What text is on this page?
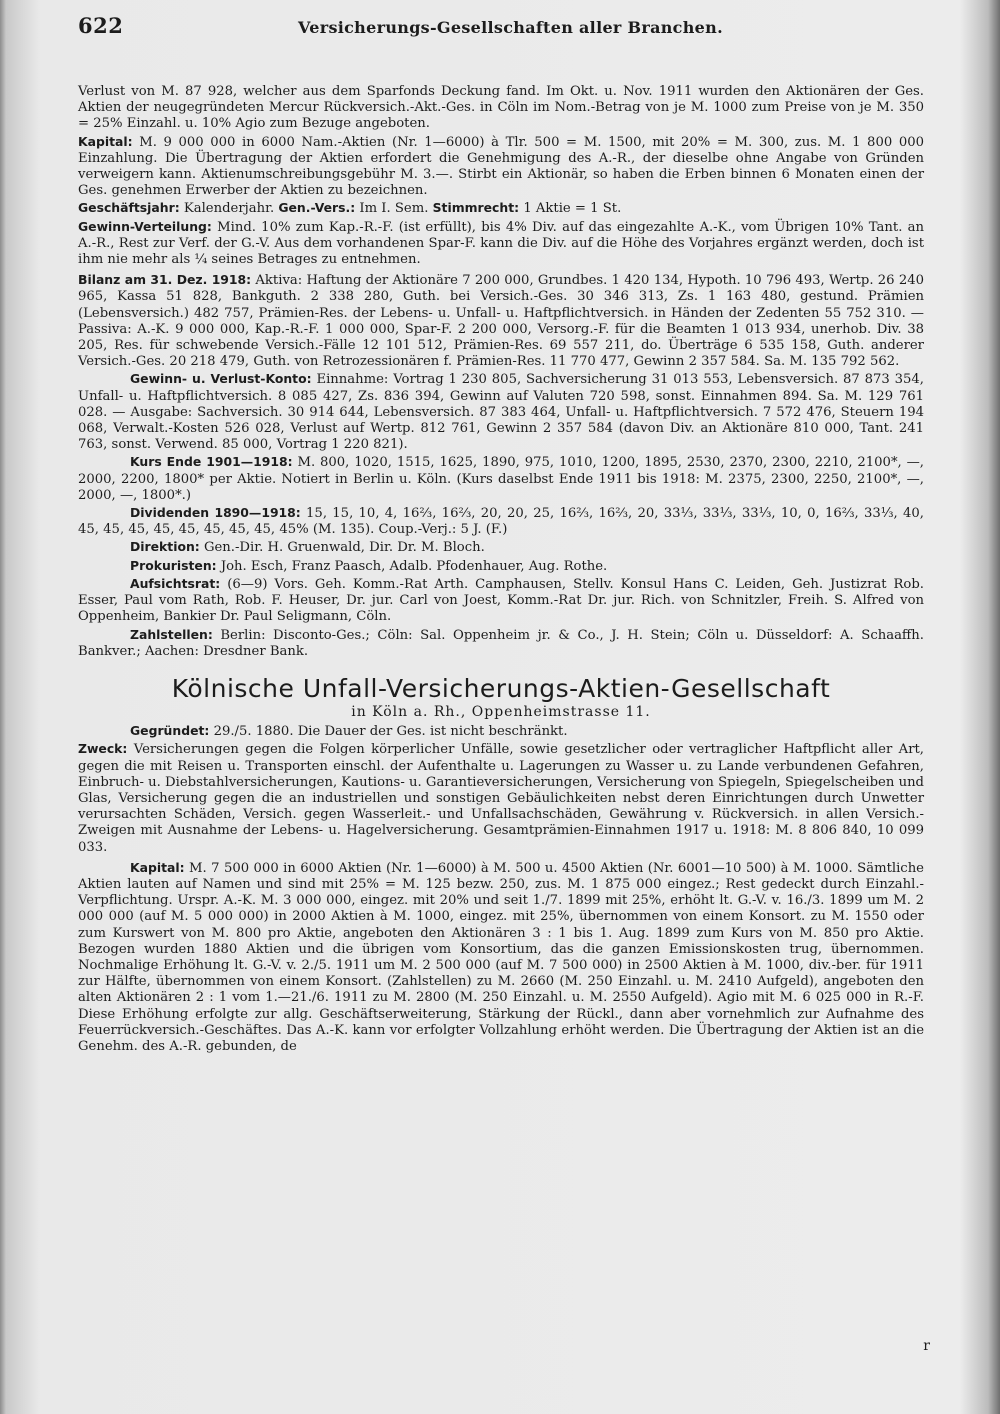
622	Versicherungs-Gesellschaften aller Branchen.

Verlust von M. 87 928, welcher aus dem Sparfonds Deckung fand. Im Okt. u. Nov. 1911 wurden den Aktionären der Ges. Aktien der neugegründeten Mercur Rückversich.-Akt.-Ges. in Cöln im Nom.-Betrag von je M. 1000 zum Preise von je M. 350 = 25% Einzahl. u. 10% Agio zum Bezuge angeboten.

Kapital: M. 9 000 000 in 6000 Nam.-Aktien (Nr. 1—6000) à Tlr. 500 = M. 1500, mit 20% = M. 300, zus. M. 1 800 000 Einzahlung. Die Übertragung der Aktien erfordert die Genehmigung des A.-R., der dieselbe ohne Angabe von Gründen verweigern kann. Aktienumschreibungsgebühr M. 3.—. Stirbt ein Aktionär, so haben die Erben binnen 6 Monaten einen der Ges. genehmen Erwerber der Aktien zu bezeichnen.

Geschäftsjahr: Kalenderjahr. Gen.-Vers.: Im I. Sem. Stimmrecht: 1 Aktie = 1 St.

Gewinn-Verteilung: Mind. 10% zum Kap.-R.-F. (ist erfüllt), bis 4% Div. auf das eingezahlte A.-K., vom Übrigen 10% Tant. an A.-R., Rest zur Verf. der G.-V. Aus dem vorhandenen Spar-F. kann die Div. auf die Höhe des Vorjahres ergänzt werden, doch ist ihm nie mehr als ¼ seines Betrages zu entnehmen.

Bilanz am 31. Dez. 1918: Aktiva: Haftung der Aktionäre 7 200 000, Grundbes. 1 420 134, Hypoth. 10 796 493, Wertp. 26 240 965, Kassa 51 828, Bankguth. 2 338 280, Guth. bei Versich.-Ges. 30 346 313, Zs. 1 163 480, gestund. Prämien (Lebensversich.) 482 757, Prämien-Res. der Lebens- u. Unfall- u. Haftpflichtversich. in Händen der Zedenten 55 752 310. — Passiva: A.-K. 9 000 000, Kap.-R.-F. 1 000 000, Spar-F. 2 200 000, Versorg.-F. für die Beamten 1 013 934, unerhob. Div. 38 205, Res. für schwebende Versich.-Fälle 12 101 512, Prämien-Res. 69 557 211, do. Überträge 6 535 158, Guth. anderer Versich.-Ges. 20 218 479, Guth. von Retrozessionären f. Prämien-Res. 11 770 477, Gewinn 2 357 584. Sa. M. 135 792 562.

Gewinn- u. Verlust-Konto: Einnahme: Vortrag 1 230 805, Sachversicherung 31 013 553, Lebensversich. 87 873 354, Unfall- u. Haftpflichtversich. 8 085 427, Zs. 836 394, Gewinn auf Valuten 720 598, sonst. Einnahmen 894. Sa. M. 129 761 028. — Ausgabe: Sachversich. 30 914 644, Lebensversich. 87 383 464, Unfall- u. Haftpflichtversich. 7 572 476, Steuern 194 068, Verwalt.-Kosten 526 028, Verlust auf Wertp. 812 761, Gewinn 2 357 584 (davon Div. an Aktionäre 810 000, Tant. 241 763, sonst. Verwend. 85 000, Vortrag 1 220 821).

Kurs Ende 1901—1918: M. 800, 1020, 1515, 1625, 1890, 975, 1010, 1200, 1895, 2530, 2370, 2300, 2210, 2100*, —, 2000, 2200, 1800* per Aktie. Notiert in Berlin u. Köln. (Kurs daselbst Ende 1911 bis 1918: M. 2375, 2300, 2250, 2100*, —, 2000, —, 1800*.)

Dividenden 1890—1918: 15, 15, 10, 4, 16⅔, 16⅔, 20, 20, 25, 16⅔, 16⅔, 20, 33⅓, 33⅓, 33⅓, 10, 0, 16⅔, 33⅓, 40, 45, 45, 45, 45, 45, 45, 45, 45, 45% (M. 135). Coup.-Verj.: 5 J. (F.)

Direktion: Gen.-Dir. H. Gruenwald, Dir. Dr. M. Bloch.

Prokuristen: Joh. Esch, Franz Paasch, Adalb. Pfodenhauer, Aug. Rothe.

Aufsichtsrat: (6—9) Vors. Geh. Komm.-Rat Arth. Camphausen, Stellv. Konsul Hans C. Leiden, Geh. Justizrat Rob. Esser, Paul vom Rath, Rob. F. Heuser, Dr. jur. Carl von Joest, Komm.-Rat Dr. jur. Rich. von Schnitzler, Freih. S. Alfred von Oppenheim, Bankier Dr. Paul Seligmann, Cöln.

Zahlstellen: Berlin: Disconto-Ges.; Cöln: Sal. Oppenheim jr. & Co., J. H. Stein; Cöln u. Düsseldorf: A. Schaaffh. Bankver.; Aachen: Dresdner Bank.

Kölnische Unfall-Versicherungs-Aktien-Gesellschaft
in Köln a. Rh., Oppenheimstrasse 11.

Gegründet: 29./5. 1880. Die Dauer der Ges. ist nicht beschränkt.

Zweck: Versicherungen gegen die Folgen körperlicher Unfälle, sowie gesetzlicher oder vertraglicher Haftpflicht aller Art, gegen die mit Reisen u. Transporten einschl. der Aufenthalte u. Lagerungen zu Wasser u. zu Lande verbundenen Gefahren, Einbruch- u. Diebstahlversicherungen, Kautions- u. Garantieversicherungen, Versicherung von Spiegeln, Spiegelscheiben und Glas, Versicherung gegen die an industriellen und sonstigen Gebäulichkeiten nebst deren Einrichtungen durch Unwetter verursachten Schäden, Versich. gegen Wasserleit.- und Unfallsachschäden, Gewährung v. Rückversich. in allen Versich.-Zweigen mit Ausnahme der Lebens- u. Hagelversicherung. Gesamtprämien-Einnahmen 1917 u. 1918: M. 8 806 840, 10 099 033.

Kapital: M. 7 500 000 in 6000 Aktien (Nr. 1—6000) à M. 500 u. 4500 Aktien (Nr. 6001—10 500) à M. 1000. Sämtliche Aktien lauten auf Namen und sind mit 25% = M. 125 bezw. 250, zus. M. 1 875 000 eingez.; Rest gedeckt durch Einzahl.-Verpflichtung. Urspr. A.-K. M. 3 000 000, eingez. mit 20% und seit 1./7. 1899 mit 25%, erhöht lt. G.-V. v. 16./3. 1899 um M. 2 000 000 (auf M. 5 000 000) in 2000 Aktien à M. 1000, eingez. mit 25%, übernommen von einem Konsort. zu M. 1550 oder zum Kurswert von M. 800 pro Aktie, angeboten den Aktionären 3 : 1 bis 1. Aug. 1899 zum Kurs von M. 850 pro Aktie. Bezogen wurden 1880 Aktien und die übrigen vom Konsortium, das die ganzen Emissionskosten trug, übernommen. Nochmalige Erhöhung lt. G.-V. v. 2./5. 1911 um M. 2 500 000 (auf M. 7 500 000) in 2500 Aktien à M. 1000, div.-ber. für 1911 zur Hälfte, übernommen von einem Konsort. (Zahlstellen) zu M. 2660 (M. 250 Einzahl. u. M. 2410 Aufgeld), angeboten den alten Aktionären 2 : 1 vom 1.—21./6. 1911 zu M. 2800 (M. 250 Einzahl. u. M. 2550 Aufgeld). Agio mit M. 6 025 000 in R.-F. Diese Erhöhung erfolgte zur allg. Geschäftserweiterung, Stärkung der Rückl., dann aber vornehmlich zur Aufnahme des Feuerrückversich.-Geschäftes. Das A.-K. kann vor erfolgter Vollzahlung erhöht werden. Die Übertragung der Aktien ist an die Genehm. des A.-R. gebunden, de

r
